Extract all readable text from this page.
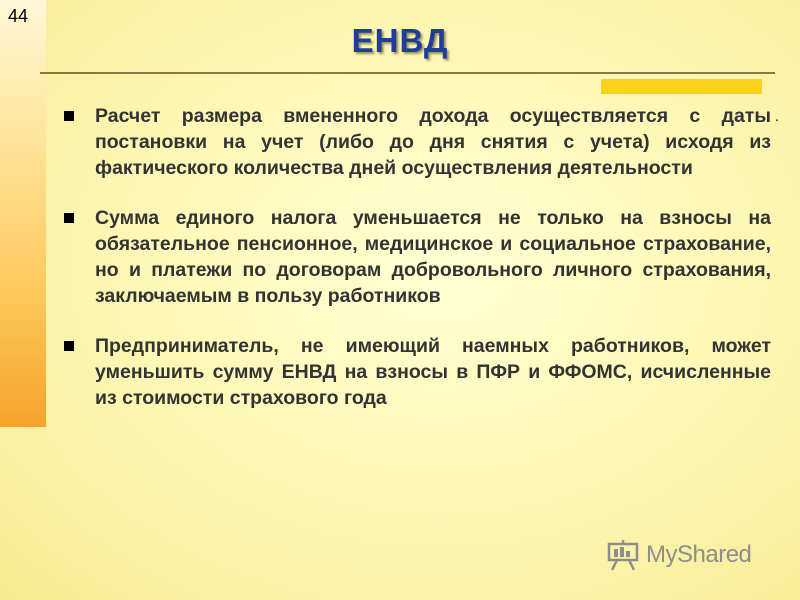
44
ЕНВД
.
Расчет размера вмененного дохода осуществляется с даты постановки на учет (либо до дня снятия с учета) исходя из фактического количества дней осуществления деятельности
Сумма единого налога уменьшается не только на взносы на обязательное пенсионное, медицинское и социальное страхование, но и платежи по договорам добровольного личного страхования, заключаемым в пользу работников
Предприниматель, не имеющий наемных работников, может уменьшить сумму ЕНВД на взносы в ПФР и ФФОМС, исчисленные из стоимости страхового года
MyShared
